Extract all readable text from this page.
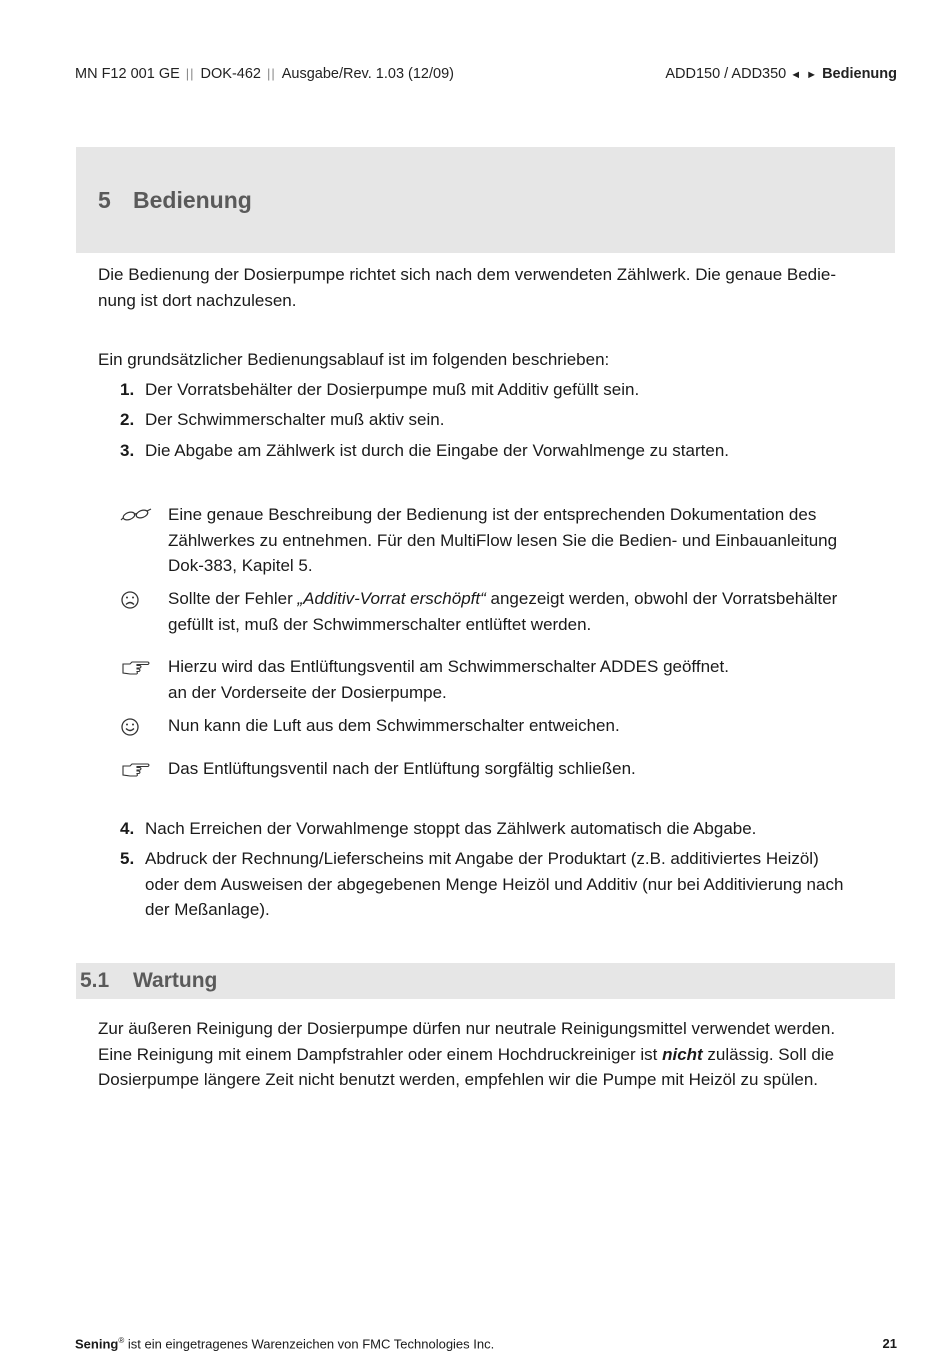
MN F12 001 GE || DOK-462 || Ausgabe/Rev. 1.03 (12/09)	ADD150 / ADD350 ◄ ► Bedienung
5 Bedienung
Die Bedienung der Dosierpumpe richtet sich nach dem verwendeten Zählwerk. Die genaue Bedie-
nung ist dort nachzulesen.
Ein grundsätzlicher Bedienungsablauf ist im folgenden beschrieben:
1. Der Vorratsbehälter der Dosierpumpe muß mit Additiv gefüllt sein.
2. Der Schwimmerschalter muß aktiv sein.
3. Die Abgabe am Zählwerk ist durch die Eingabe der Vorwahlmenge zu starten.
Eine genaue Beschreibung der Bedienung ist der entsprechenden Dokumentation des
Zählwerkes zu entnehmen. Für den MultiFlow lesen Sie die Bedien- und Einbauanleitung
Dok-383, Kapitel 5.
Sollte der Fehler „Additiv-Vorrat erschöpft“ angezeigt werden, obwohl der Vorratsbehälter
gefüllt ist, muß der Schwimmerschalter entlüftet werden.
Hierzu wird das Entlüftungsventil am Schwimmerschalter ADDES geöffnet.
an der Vorderseite der Dosierpumpe.
Nun kann die Luft aus dem Schwimmerschalter entweichen.
Das Entlüftungsventil nach der Entlüftung sorgfältig schließen.
4. Nach Erreichen der Vorwahlmenge stoppt das Zählwerk automatisch die Abgabe.
5. Abdruck der Rechnung/Lieferscheins mit Angabe der Produktart (z.B. additiviertes Heizöl)
oder dem Ausweisen der abgegebenen Menge Heizöl und Additiv (nur bei Additivierung nach
der Meßanlage).
5.1 Wartung
Zur äußeren Reinigung der Dosierpumpe dürfen nur neutrale Reinigungsmittel verwendet werden.
Eine Reinigung mit einem Dampfstrahler oder einem Hochdruckreiniger ist nicht zulässig. Soll die
Dosierpumpe längere Zeit nicht benutzt werden, empfehlen wir die Pumpe mit Heizöl zu spülen.
Sening® ist ein eingetragenes Warenzeichen von FMC Technologies Inc.	21
